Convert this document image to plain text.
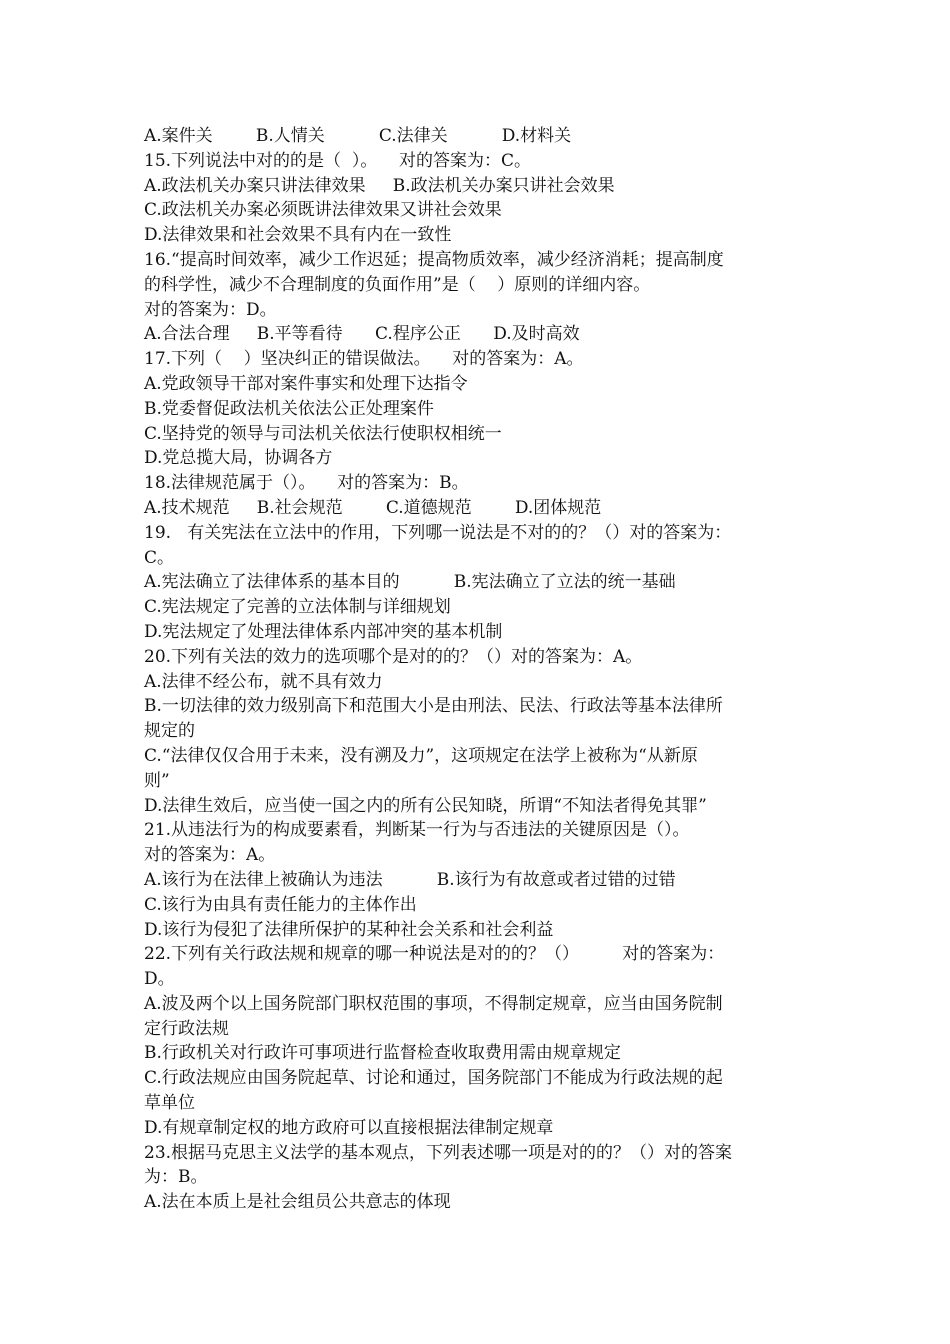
A.案件关        B.人情关          C.法律关          D.材料关
15.下列说法中对的的是（  ）。    对的答案为：C。
A.政法机关办案只讲法律效果     B.政法机关办案只讲社会效果
C.政法机关办案必须既讲法律效果又讲社会效果
D.法律效果和社会效果不具有内在一致性
16.“提高时间效率，减少工作迟延；提高物质效率，减少经济消耗；提高制度
的科学性，减少不合理制度的负面作用”是（    ）原则的详细内容。
对的答案为：D。
A.合法合理     B.平等看待      C.程序公正      D.及时高效
17.下列（    ）坚决纠正的错误做法。    对的答案为：A。
A.党政领导干部对案件事实和处理下达指令
B.党委督促政法机关依法公正处理案件
C.坚持党的领导与司法机关依法行使职权相统一
D.党总揽大局，协调各方
18.法律规范属于（）。    对的答案为：B。
A.技术规范     B.社会规范        C.道德规范        D.团体规范
19.   有关宪法在立法中的作用，下列哪一说法是不对的的？（）对的答案为：
C。
A.宪法确立了法律体系的基本目的          B.宪法确立了立法的统一基础
C.宪法规定了完善的立法体制与详细规划
D.宪法规定了处理法律体系内部冲突的基本机制
20.下列有关法的效力的选项哪个是对的的？（）对的答案为：A。
A.法律不经公布，就不具有效力
B.一切法律的效力级别高下和范围大小是由刑法、民法、行政法等基本法律所
规定的
C.“法律仅仅合用于未来，没有溯及力”，这项规定在法学上被称为“从新原
则”
D.法律生效后，应当使一国之内的所有公民知晓，所谓“不知法者得免其罪”
21.从违法行为的构成要素看，判断某一行为与否违法的关键原因是（）。
对的答案为：A。
A.该行为在法律上被确认为违法          B.该行为有故意或者过错的过错
C.该行为由具有责任能力的主体作出
D.该行为侵犯了法律所保护的某种社会关系和社会利益
22.下列有关行政法规和规章的哪一种说法是对的的？（）        对的答案为：
D。
A.波及两个以上国务院部门职权范围的事项，不得制定规章，应当由国务院制
定行政法规
B.行政机关对行政许可事项进行监督检查收取费用需由规章规定
C.行政法规应由国务院起草、讨论和通过，国务院部门不能成为行政法规的起
草单位
D.有规章制定权的地方政府可以直接根据法律制定规章
23.根据马克思主义法学的基本观点，下列表述哪一项是对的的？（）对的答案
为：B。
A.法在本质上是社会组员公共意志的体现
